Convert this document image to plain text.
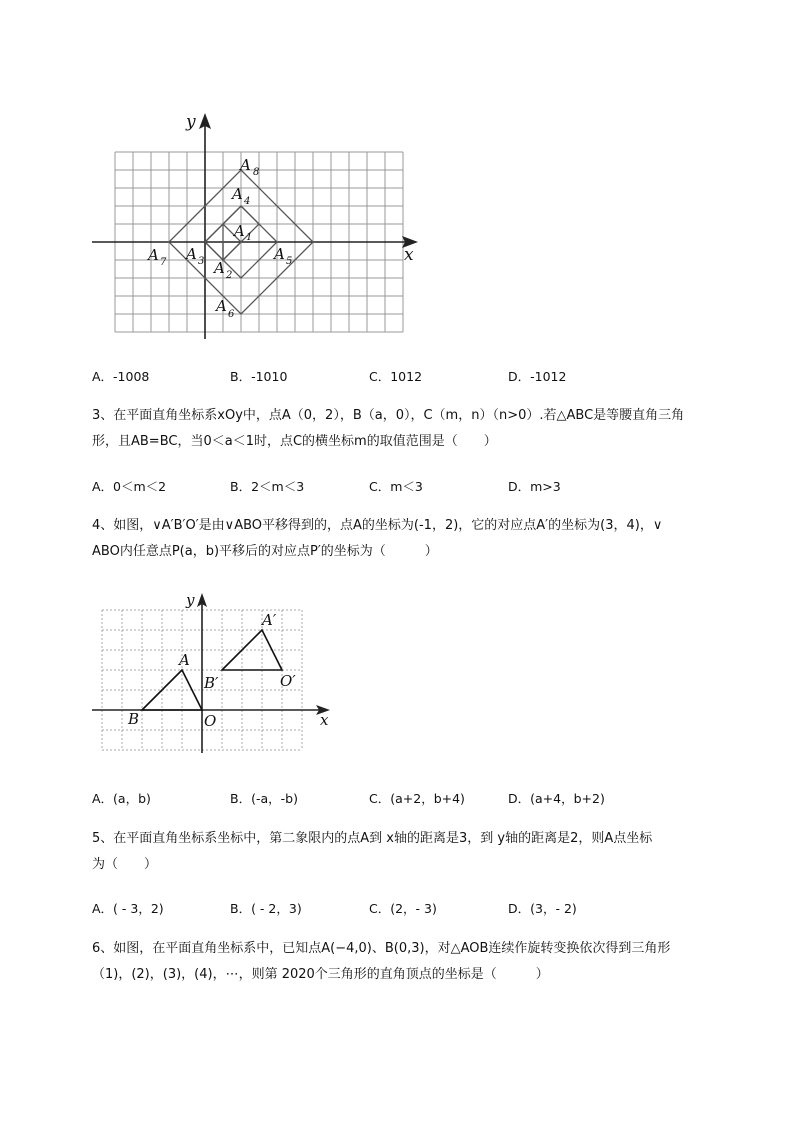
x
y
A 1
A 2
A 3
A 4
A 5
A 6
A 7
A 8
A．-1008	B．-1010	C．1012	D．-1012
3、在平面直角坐标系xOy中，点A（0，2），B（a，0），C（m，n）（n>0）.若△ABC是等腰直角三角
形，且AB=BC，当0＜a＜1时，点C的横坐标m的取值范围是（　　）
A．0＜m＜2	B．2＜m＜3	C．m＜3	D．m>3
4、如图，∨A′B′O′是由∨ABO平移得到的，点A的坐标为(-1，2)，它的对应点A′的坐标为(3，4)，∨
ABO内任意点P(a，b)平移后的对应点P′的坐标为（　　　）
x
y
A
B	O
A′
B′	O′
A．(a，b)	B．(-a，-b)	C．(a+2，b+4)	D．(a+4，b+2)
5、在平面直角坐标系坐标中，第二象限内的点A到 x轴的距离是3，到 y轴的距离是2，则A点坐标
为（　　）
A．( - 3，2)	B．( - 2，3)	C．(2，- 3)	D．(3，- 2)
6、如图，在平面直角坐标系中，已知点A(−4,0)、B(0,3)，对△AOB连续作旋转变换依次得到三角形
（1)，(2)，(3)，(4)，⋯，则第 2020个三角形的直角顶点的坐标是（　　　）
